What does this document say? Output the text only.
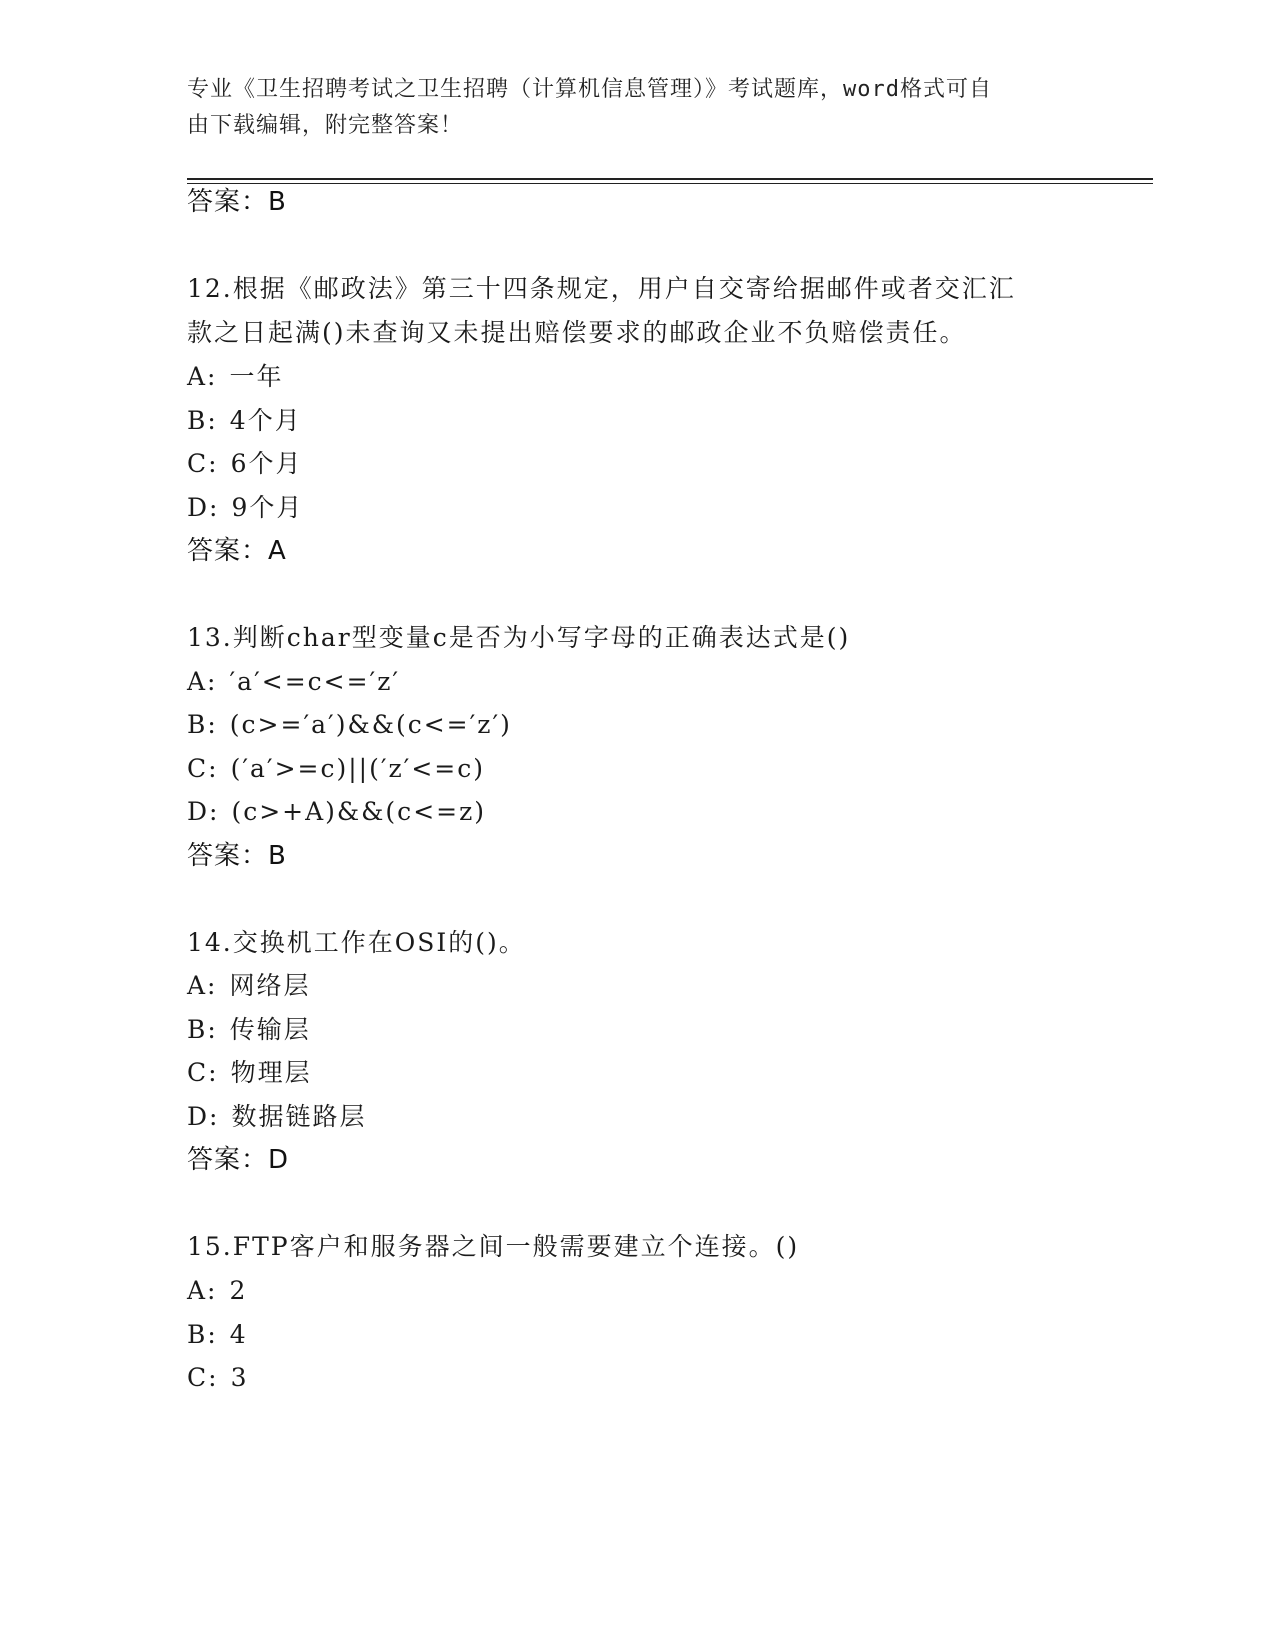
专业《卫生招聘考试之卫生招聘（计算机信息管理）》考试题库，word格式可自
由下载编辑，附完整答案！
答案：B
12.根据《邮政法》第三十四条规定，用户自交寄给据邮件或者交汇汇
款之日起满()未查询又未提出赔偿要求的邮政企业不负赔偿责任。
A: 一年
B: 4个月
C: 6个月
D: 9个月
答案：A
13.判断char型变量c是否为小写字母的正确表达式是()
A: ′a′<=c<=′z′
B: (c>=′a′)&&(c<=′z′)
C: (′a′>=c)||(′z′<=c)
D: (c>+A)&&(c<=z)
答案：B
14.交换机工作在OSI的()。
A: 网络层
B: 传输层
C: 物理层
D: 数据链路层
答案：D
15.FTP客户和服务器之间一般需要建立个连接。()
A: 2
B: 4
C: 3
